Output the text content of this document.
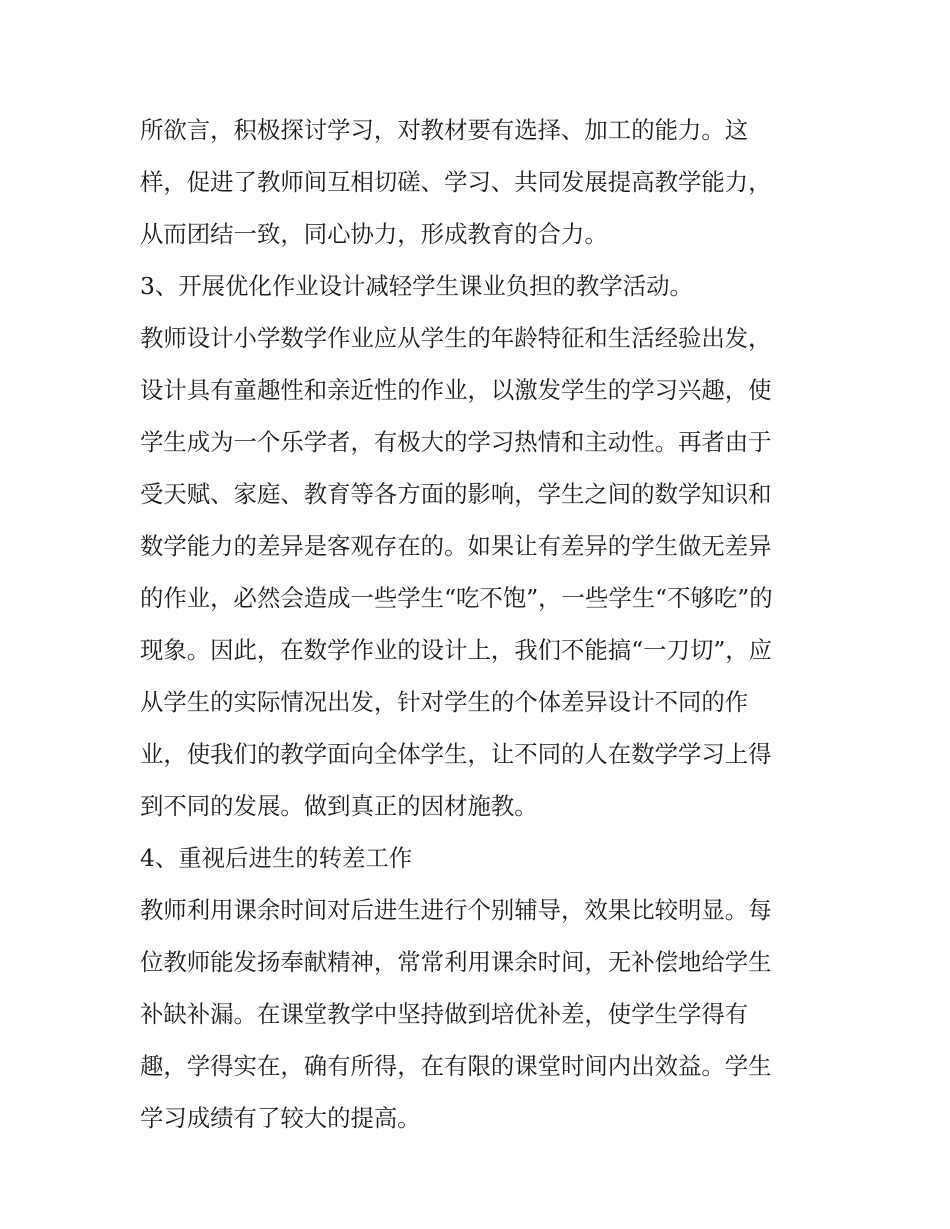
所欲言，积极探讨学习，对教材要有选择、加工的能力。这
样，促进了教师间互相切磋、学习、共同发展提高教学能力，
从而团结一致，同心协力，形成教育的合力。
3、开展优化作业设计减轻学生课业负担的教学活动。
教师设计小学数学作业应从学生的年龄特征和生活经验出发，
设计具有童趣性和亲近性的作业，以激发学生的学习兴趣，使
学生成为一个乐学者，有极大的学习热情和主动性。再者由于
受天赋、家庭、教育等各方面的影响，学生之间的数学知识和
数学能力的差异是客观存在的。如果让有差异的学生做无差异
的作业，必然会造成一些学生“吃不饱”，一些学生“不够吃”的
现象。因此，在数学作业的设计上，我们不能搞“一刀切”，应
从学生的实际情况出发，针对学生的个体差异设计不同的作
业，使我们的教学面向全体学生，让不同的人在数学学习上得
到不同的发展。做到真正的因材施教。
4、重视后进生的转差工作
教师利用课余时间对后进生进行个别辅导，效果比较明显。每
位教师能发扬奉献精神，常常利用课余时间，无补偿地给学生
补缺补漏。在课堂教学中坚持做到培优补差，使学生学得有
趣，学得实在，确有所得，在有限的课堂时间内出效益。学生
学习成绩有了较大的提高。
